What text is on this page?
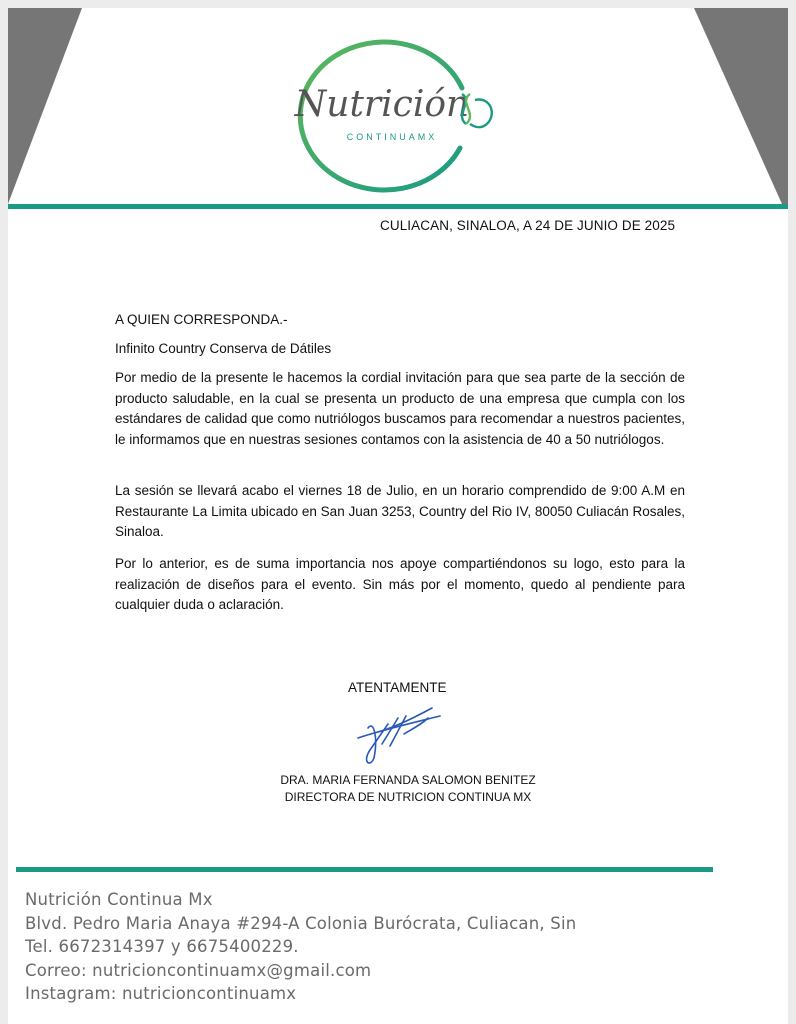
Nutrición
CONTINUAMX
CULIACAN, SINALOA, A 24 DE JUNIO DE 2025
A QUIEN CORRESPONDA.-
Infinito Country Conserva de Dátiles
Por medio de la presente le hacemos la cordial invitación para que sea parte de la sección de producto saludable, en la cual se presenta un producto de una empresa que cumpla con los estándares de calidad que como nutriólogos buscamos para recomendar a nuestros pacientes, le informamos que en nuestras sesiones contamos con la asistencia de 40 a 50 nutriólogos.
La sesión se llevará acabo el viernes 18 de Julio, en un horario comprendido de 9:00 A.M en Restaurante La Limita ubicado en San Juan 3253, Country del Rio IV, 80050 Culiacán Rosales, Sinaloa.
Por lo anterior, es de suma importancia nos apoye compartiéndonos su logo, esto para la realización de diseños para el evento. Sin más por el momento, quedo al pendiente para cualquier duda o aclaración.
ATENTAMENTE
DRA. MARIA FERNANDA SALOMON BENITEZ
DIRECTORA DE NUTRICION CONTINUA MX
Nutrición Continua Mx
Blvd. Pedro Maria Anaya #294-A Colonia Burócrata, Culiacan, Sin
Tel. 6672314397 y 6675400229.
Correo: nutricioncontinuamx@gmail.com
Instagram: nutricioncontinuamx
